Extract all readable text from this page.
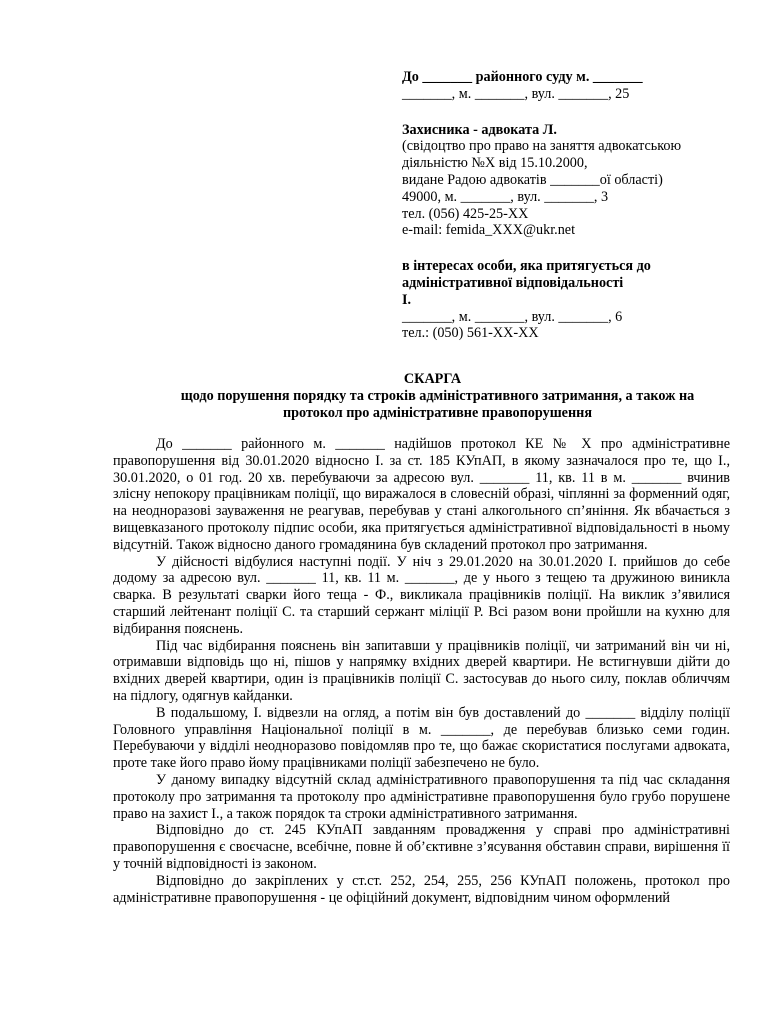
До _______ районного суду м. _______

_______, м. _______, вул. _______, 25

Захисника - адвоката Л.

(свідоцтво про право на заняття адвокатською

діяльністю №Х від 15.10.2000,

видане Радою адвокатів _______ої області)

49000, м. _______, вул. _______, 3

тел. (056) 425-25-ХХ

e-mail: femida_XXX@ukr.net

в інтересах особи, яка притягується до

адміністративної відповідальності

І.

_______, м. _______, вул. _______, 6

тел.: (050) 561-ХХ-ХХ

СКАРГА

щодо порушення порядку та строків адміністративного затримання, а також на

протокол про адміністративне правопорушення

До _______ районного м. _______ надійшов протокол КЕ № Х про адміністративне правопорушення від 30.01.2020 відносно І. за ст. 185 КУпАП, в якому зазначалося про те, що І., 30.01.2020, о 01 год. 20 хв. перебуваючи за адресою вул. _______ 11, кв. 11 в м. _______ вчинив злісну непокору працівникам поліції, що виражалося в словесній образі, чіплянні за форменний одяг, на неодноразові зауваження не реагував, перебував у стані алкогольного сп’яніння. Як вбачається з вищевказаного протоколу підпис особи, яка притягується адміністративної відповідальності в ньому відсутній. Також відносно даного громадянина був складений протокол про затримання.

У дійсності відбулися наступні події. У ніч з 29.01.2020 на 30.01.2020 І. прийшов до себе додому за адресою вул. _______ 11, кв. 11 м. _______, де у нього з тещею та дружиною виникла сварка. В результаті сварки його теща - Ф., викликала працівників поліції. На виклик з’явилися старший лейтенант поліції С. та старший сержант міліції Р. Всі разом вони пройшли на кухню для відбирання пояснень.

Під час відбирання пояснень він запитавши у працівників поліції, чи затриманий він чи ні, отримавши відповідь що ні, пішов у напрямку вхідних дверей квартири. Не встигнувши дійти до вхідних дверей квартири, один із працівників поліції С. застосував до нього силу, поклав обличчям на підлогу, одягнув кайданки.

В подальшому, І. відвезли на огляд, а потім він був доставлений до _______ відділу поліції Головного управління Національної поліції в м. _______, де перебував близько семи годин. Перебуваючи у відділі неодноразово повідомляв про те, що бажає скористатися послугами адвоката, проте таке його право йому працівниками поліції забезпечено не було.

У даному випадку відсутній склад адміністративного правопорушення та під час складання протоколу про затримання та протоколу про адміністративне правопорушення було грубо порушене право на захист І., а також порядок та строки адміністративного затримання.

Відповідно до ст. 245 КУпАП завданням провадження у справі про адміністративні правопорушення є своєчасне, всебічне, повне й об’єктивне з’ясування обставин справи, вирішення її у точній відповідності із законом.

Відповідно до закріплених у ст.ст. 252, 254, 255, 256 КУпАП положень, протокол про адміністративне правопорушення - це офіційний документ, відповідним чином оформлений
